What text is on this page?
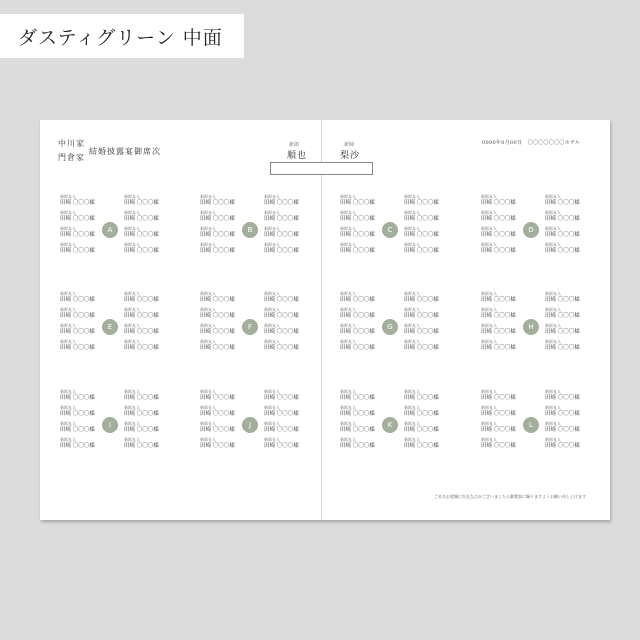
ダスティグリーン 中面
中川家
門倉家
結婚披露宴御席次
新郎
順也
新婦
梨沙
0000年0月00日　〇〇〇〇〇〇〇ホテル
新郎友人
田崎 〇〇〇様
新郎友人
田崎 〇〇〇様
新郎友人
田崎 〇〇〇様
新郎友人
田崎 〇〇〇様
新郎友人
田崎 〇〇〇様
新郎友人
田崎 〇〇〇様
新郎友人
田崎 〇〇〇様
新郎友人
田崎 〇〇〇様
A
新郎友人
田崎 〇〇〇様
新郎友人
田崎 〇〇〇様
新郎友人
田崎 〇〇〇様
新郎友人
田崎 〇〇〇様
新郎友人
田崎 〇〇〇様
新郎友人
田崎 〇〇〇様
新郎友人
田崎 〇〇〇様
新郎友人
田崎 〇〇〇様
B
新郎友人
田崎 〇〇〇様
新郎友人
田崎 〇〇〇様
新郎友人
田崎 〇〇〇様
新郎友人
田崎 〇〇〇様
新郎友人
田崎 〇〇〇様
新郎友人
田崎 〇〇〇様
新郎友人
田崎 〇〇〇様
新郎友人
田崎 〇〇〇様
C
新郎友人
田崎 〇〇〇様
新郎友人
田崎 〇〇〇様
新郎友人
田崎 〇〇〇様
新郎友人
田崎 〇〇〇様
新郎友人
田崎 〇〇〇様
新郎友人
田崎 〇〇〇様
新郎友人
田崎 〇〇〇様
新郎友人
田崎 〇〇〇様
D
新郎友人
田崎 〇〇〇様
新郎友人
田崎 〇〇〇様
新郎友人
田崎 〇〇〇様
新郎友人
田崎 〇〇〇様
新郎友人
田崎 〇〇〇様
新郎友人
田崎 〇〇〇様
新郎友人
田崎 〇〇〇様
新郎友人
田崎 〇〇〇様
E
新郎友人
田崎 〇〇〇様
新郎友人
田崎 〇〇〇様
新郎友人
田崎 〇〇〇様
新郎友人
田崎 〇〇〇様
新郎友人
田崎 〇〇〇様
新郎友人
田崎 〇〇〇様
新郎友人
田崎 〇〇〇様
新郎友人
田崎 〇〇〇様
F
新郎友人
田崎 〇〇〇様
新郎友人
田崎 〇〇〇様
新郎友人
田崎 〇〇〇様
新郎友人
田崎 〇〇〇様
新郎友人
田崎 〇〇〇様
新郎友人
田崎 〇〇〇様
新郎友人
田崎 〇〇〇様
新郎友人
田崎 〇〇〇様
G
新郎友人
田崎 〇〇〇様
新郎友人
田崎 〇〇〇様
新郎友人
田崎 〇〇〇様
新郎友人
田崎 〇〇〇様
新郎友人
田崎 〇〇〇様
新郎友人
田崎 〇〇〇様
新郎友人
田崎 〇〇〇様
新郎友人
田崎 〇〇〇様
H
新郎友人
田崎 〇〇〇様
新郎友人
田崎 〇〇〇様
新郎友人
田崎 〇〇〇様
新郎友人
田崎 〇〇〇様
新郎友人
田崎 〇〇〇様
新郎友人
田崎 〇〇〇様
新郎友人
田崎 〇〇〇様
新郎友人
田崎 〇〇〇様
I
新郎友人
田崎 〇〇〇様
新郎友人
田崎 〇〇〇様
新郎友人
田崎 〇〇〇様
新郎友人
田崎 〇〇〇様
新郎友人
田崎 〇〇〇様
新郎友人
田崎 〇〇〇様
新郎友人
田崎 〇〇〇様
新郎友人
田崎 〇〇〇様
J
新郎友人
田崎 〇〇〇様
新郎友人
田崎 〇〇〇様
新郎友人
田崎 〇〇〇様
新郎友人
田崎 〇〇〇様
新郎友人
田崎 〇〇〇様
新郎友人
田崎 〇〇〇様
新郎友人
田崎 〇〇〇様
新郎友人
田崎 〇〇〇様
K
新郎友人
田崎 〇〇〇様
新郎友人
田崎 〇〇〇様
新郎友人
田崎 〇〇〇様
新郎友人
田崎 〇〇〇様
新郎友人
田崎 〇〇〇様
新郎友人
田崎 〇〇〇様
新郎友人
田崎 〇〇〇様
新郎友人
田崎 〇〇〇様
L
ご芳名お席順に失礼な点がございましたら御寛容に賜りますようお願い申し上げます
